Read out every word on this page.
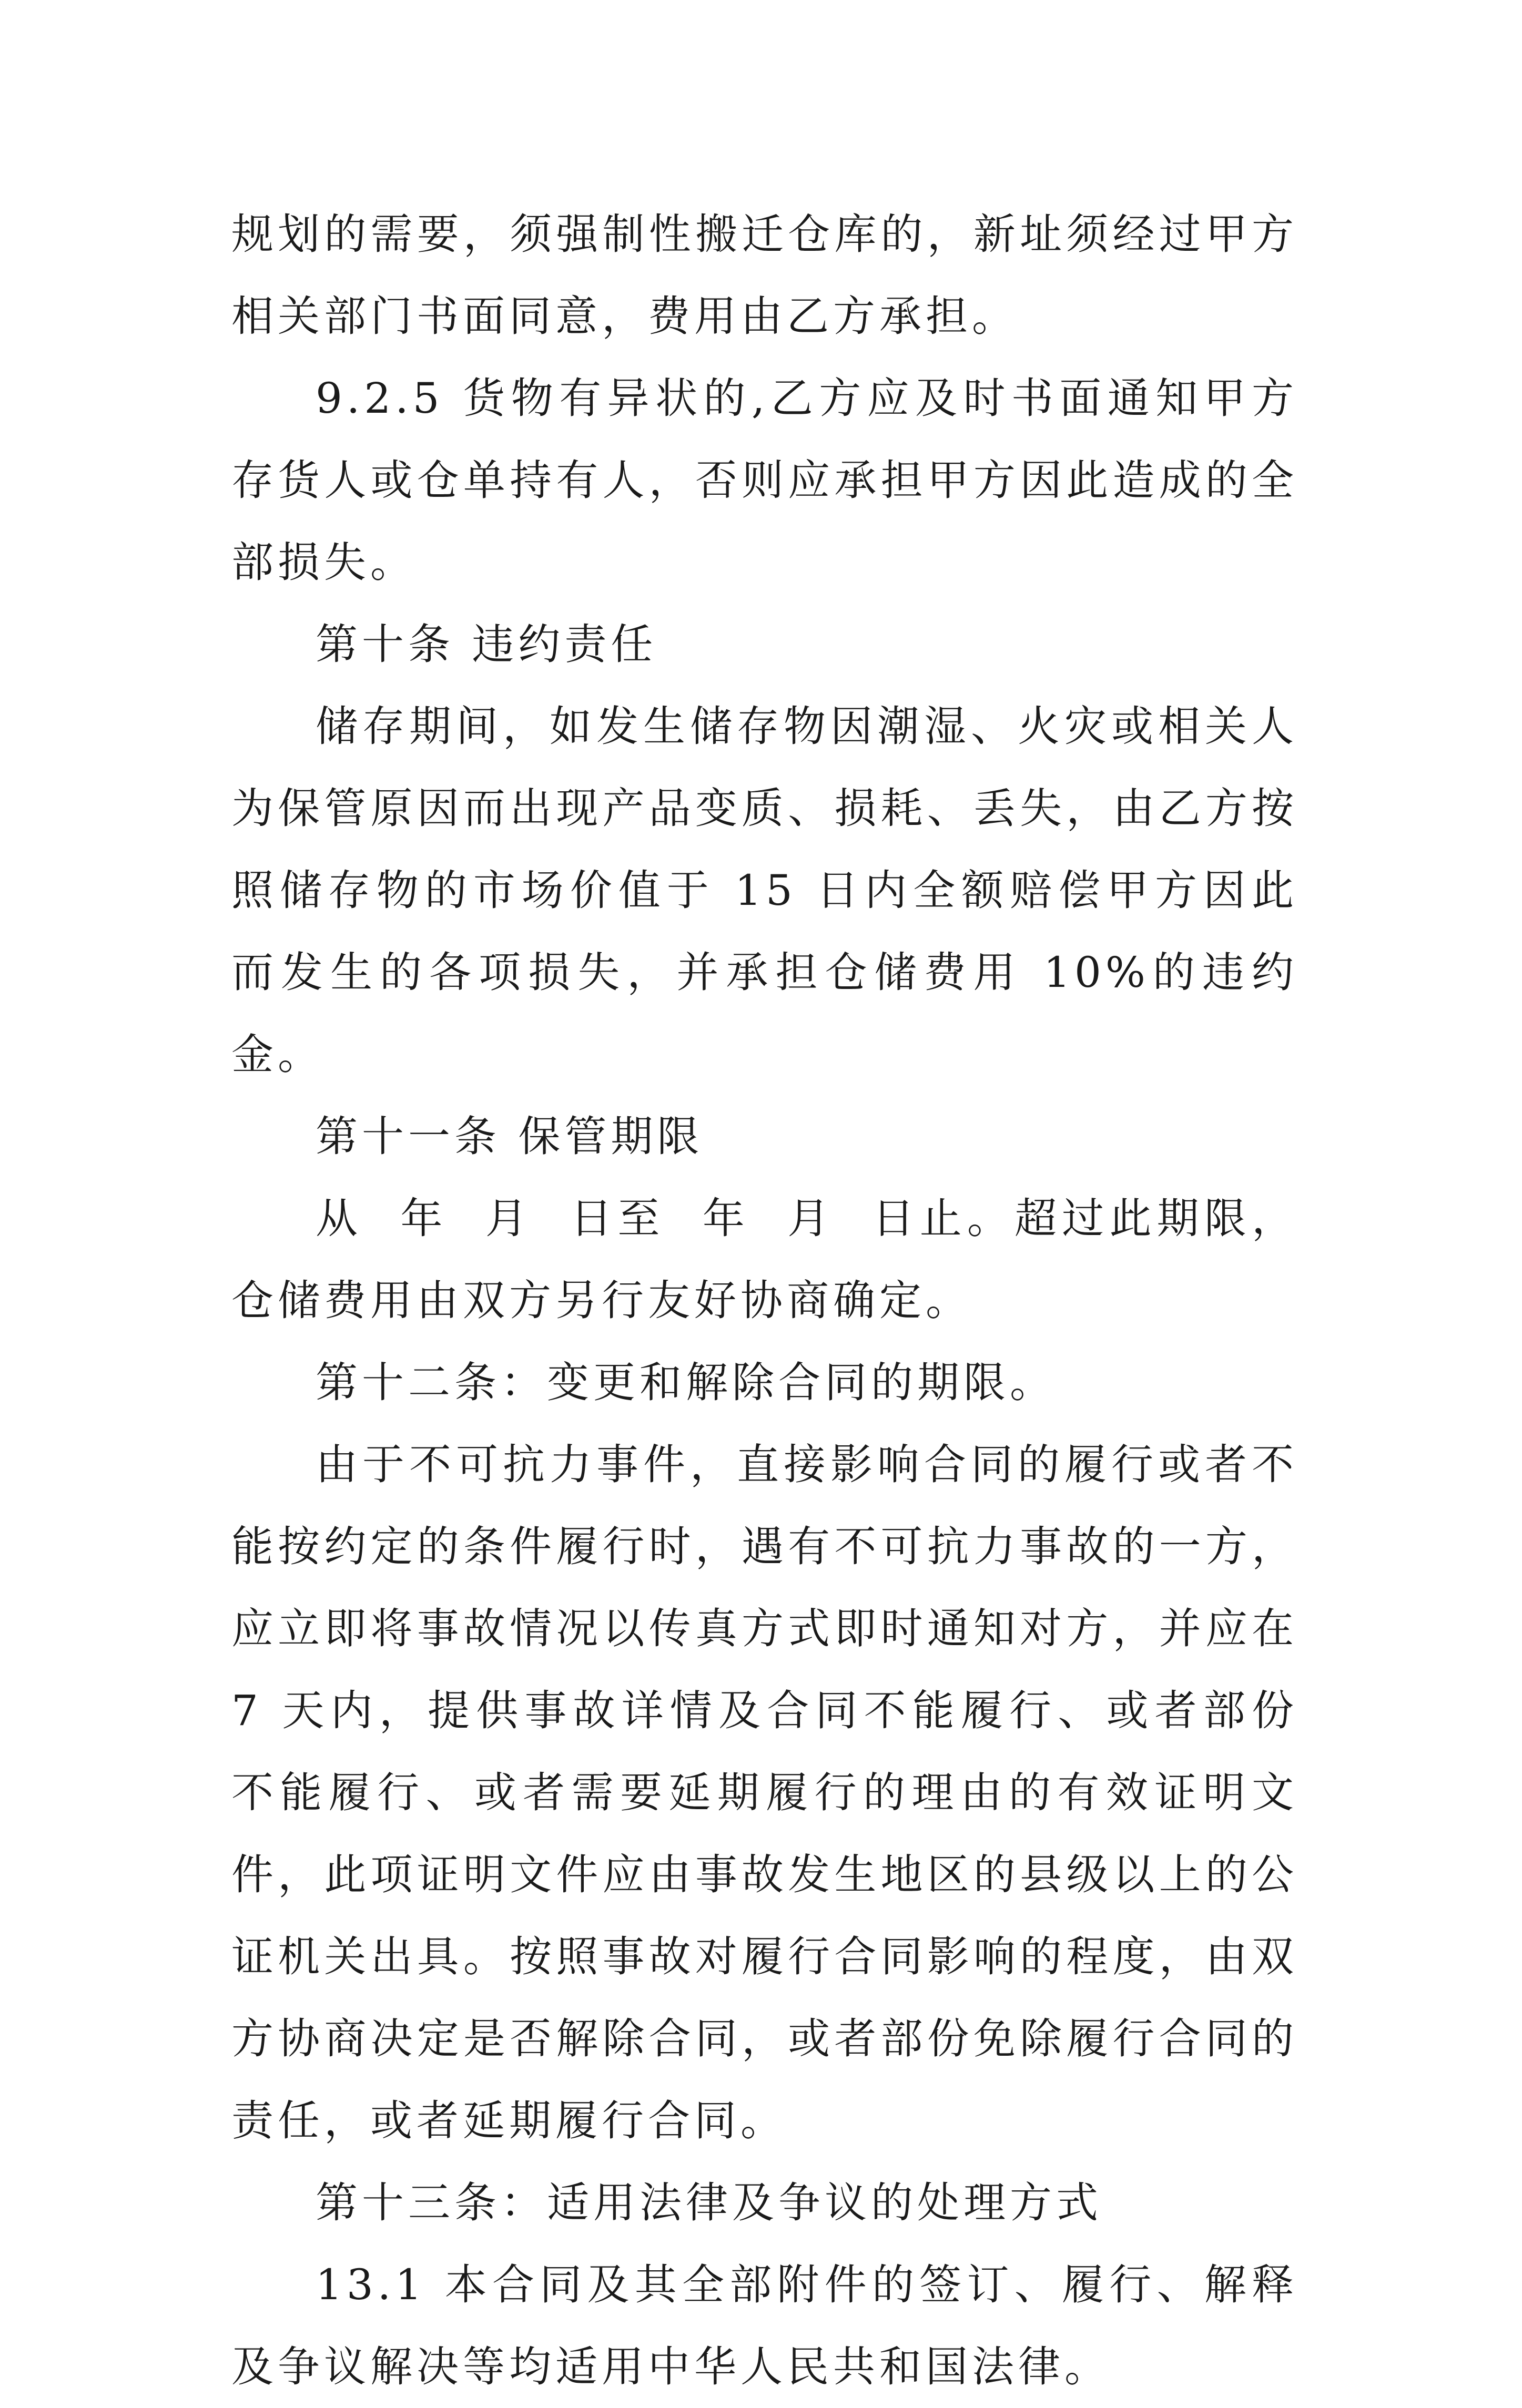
规划的需要，须强制性搬迁仓库的，新址须经过甲方相关部门书面同意，费用由乙方承担。

9.2.5 货物有异状的,乙方应及时书面通知甲方存货人或仓单持有人，否则应承担甲方因此造成的全部损失。

第十条 违约责任

储存期间，如发生储存物因潮湿、火灾或相关人为保管原因而出现产品变质、损耗、丢失，由乙方按照储存物的市场价值于 15 日内全额赔偿甲方因此而发生的各项损失，并承担仓储费用 10%的违约金。

第十一条 保管期限

从  年  月  日至  年  月  日止。超过此期限，仓储费用由双方另行友好协商确定。

第十二条：变更和解除合同的期限。

由于不可抗力事件，直接影响合同的履行或者不能按约定的条件履行时，遇有不可抗力事故的一方，应立即将事故情况以传真方式即时通知对方，并应在 7 天内，提供事故详情及合同不能履行、或者部份不能履行、或者需要延期履行的理由的有效证明文件，此项证明文件应由事故发生地区的县级以上的公证机关出具。按照事故对履行合同影响的程度，由双方协商决定是否解除合同，或者部份免除履行合同的责任，或者延期履行合同。

第十三条：适用法律及争议的处理方式

13.1 本合同及其全部附件的签订、履行、解释及争议解决等均适用中华人民共和国法律。
